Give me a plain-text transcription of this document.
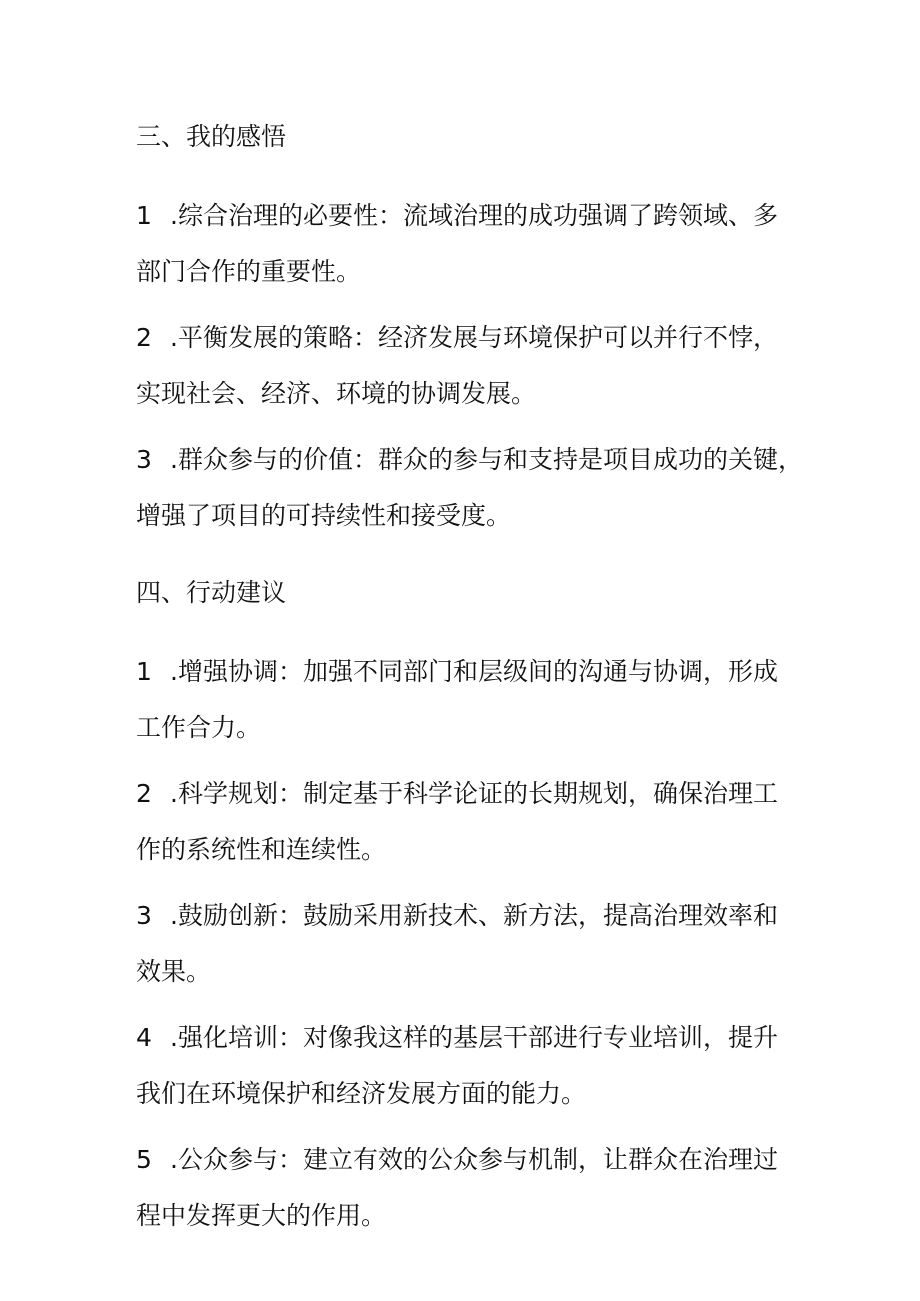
三、我的感悟
1 .综合治理的必要性：流域治理的成功强调了跨领域、多
部门合作的重要性。
2 .平衡发展的策略：经济发展与环境保护可以并行不悖，
实现社会、经济、环境的协调发展。
3 .群众参与的价值：群众的参与和支持是项目成功的关键，
增强了项目的可持续性和接受度。
四、行动建议
1 .增强协调：加强不同部门和层级间的沟通与协调，形成
工作合力。
2 .科学规划：制定基于科学论证的长期规划，确保治理工
作的系统性和连续性。
3 .鼓励创新：鼓励采用新技术、新方法，提高治理效率和
效果。
4 .强化培训：对像我这样的基层干部进行专业培训，提升
我们在环境保护和经济发展方面的能力。
5 .公众参与：建立有效的公众参与机制，让群众在治理过
程中发挥更大的作用。
